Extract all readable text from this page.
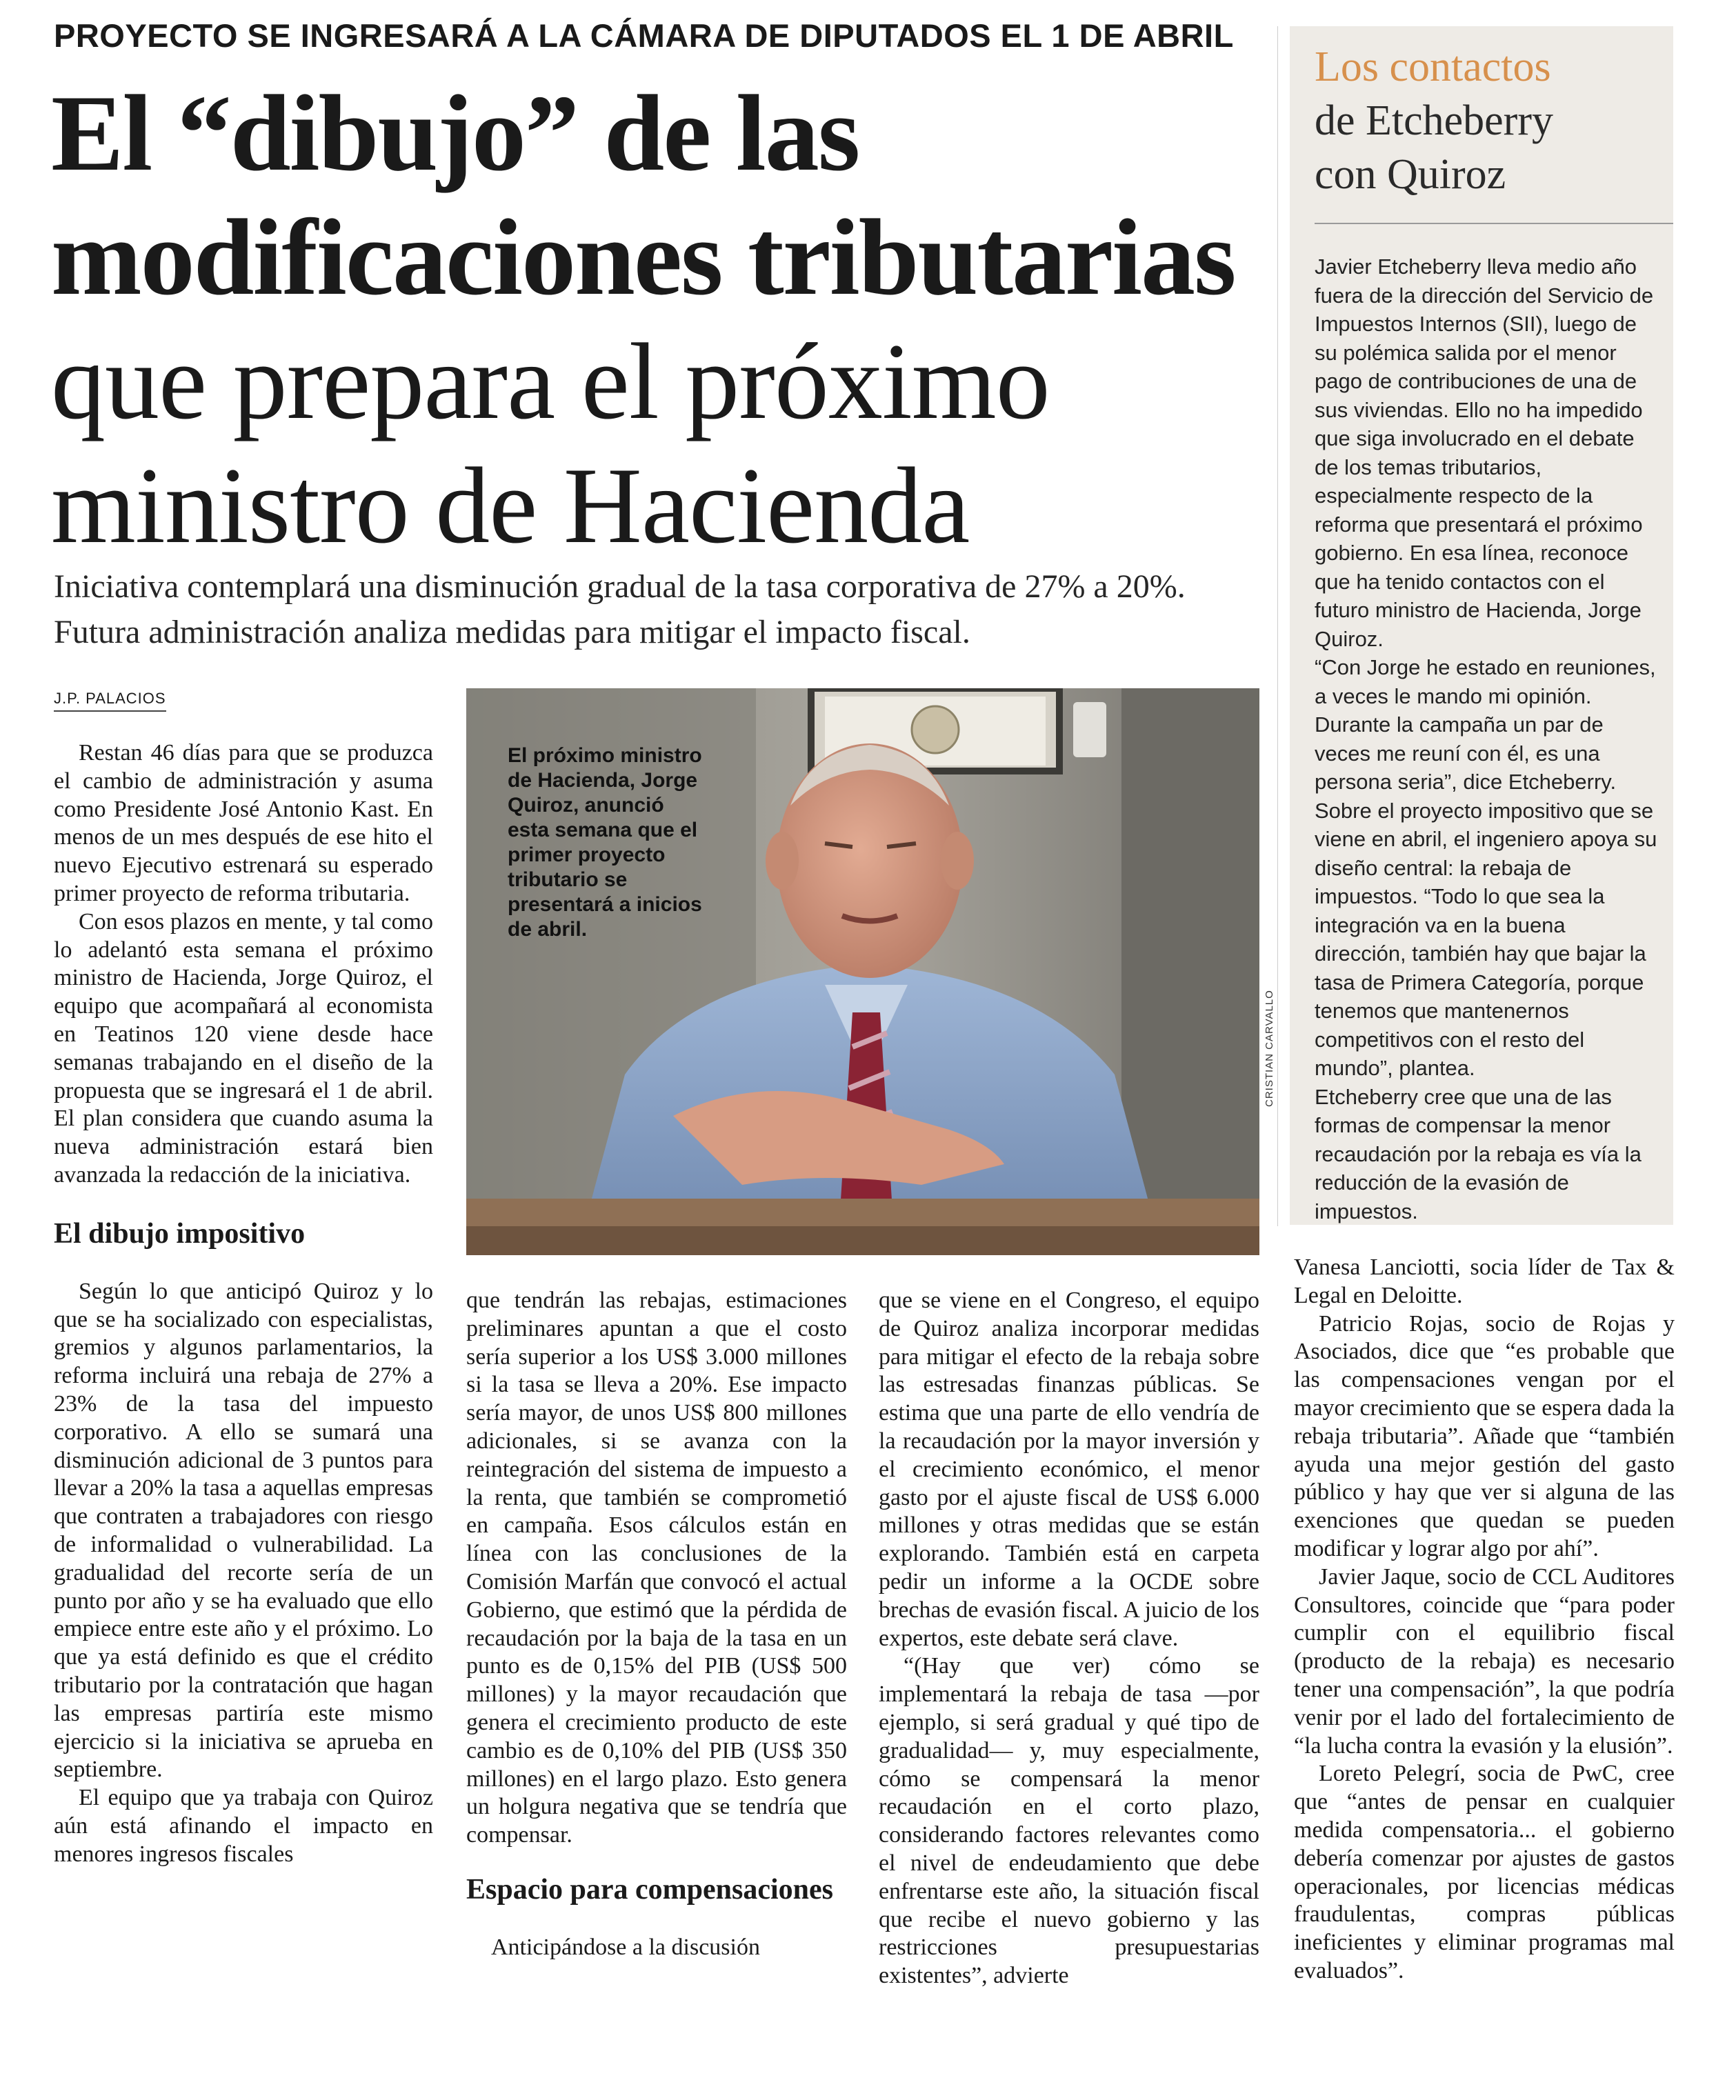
PROYECTO SE INGRESARÁ A LA CÁMARA DE DIPUTADOS EL 1 DE ABRIL
El “dibujo” de las
modificaciones tributarias
que prepara el próximo
ministro de Hacienda

Iniciativa contemplará una disminución gradual de la tasa corporativa de 27% a 20%. Futura administración analiza medidas para mitigar el impacto fiscal.

J.P. PALACIOS

Restan 46 días para que se produzca el cambio de administración y asuma como Presidente José Antonio Kast. En menos de un mes después de ese hito el nuevo Ejecutivo estrenará su esperado primer proyecto de reforma tributaria.

Con esos plazos en mente, y tal como lo adelantó esta semana el próximo ministro de Hacienda, Jorge Quiroz, el equipo que acompañará al economista en Teatinos 120 viene desde hace semanas trabajando en el diseño de la propuesta que se ingresará el 1 de abril. El plan considera que cuando asuma la nueva administración estará bien avanzada la redacción de la iniciativa.

El dibujo impositivo

Según lo que anticipó Quiroz y lo que se ha socializado con especialistas, gremios y algunos parlamentarios, la reforma incluirá una rebaja de 27% a 23% de la tasa del impuesto corporativo. A ello se sumará una disminución adicional de 3 puntos para llevar a 20% la tasa a aquellas empresas que contraten a trabajadores con riesgo de informalidad o vulnerabilidad. La gradualidad del recorte sería de un punto por año y se ha evaluado que ello empiece entre este año y el próximo. Lo que ya está definido es que el crédito tributario por la contratación que hagan las empresas partiría este mismo ejercicio si la iniciativa se aprueba en septiembre.

El equipo que ya trabaja con Quiroz aún está afinando el impacto en menores ingresos fiscales

El próximo ministro de Hacienda, Jorge Quiroz, anunció esta semana que el primer proyecto tributario se presentará a inicios de abril.
CRISTIAN CARVALLO
Los contactos
de Etcheberry
con Quiroz

Javier Etcheberry lleva medio año fuera de la dirección del Servicio de Impuestos Internos (SII), luego de su polémica salida por el menor pago de contribuciones de una de sus viviendas. Ello no ha impedido que siga involucrado en el debate de los temas tributarios, especialmente respecto de la reforma que presentará el próximo gobierno. En esa línea, reconoce que ha tenido contactos con el futuro ministro de Hacienda, Jorge Quiroz.

“Con Jorge he estado en reuniones, a veces le mando mi opinión. Durante la campaña un par de veces me reuní con él, es una persona seria”, dice Etcheberry.

Sobre el proyecto impositivo que se viene en abril, el ingeniero apoya su diseño central: la rebaja de impuestos. “Todo lo que sea la integración va en la buena dirección, también hay que bajar la tasa de Primera Categoría, porque tenemos que mantenernos competitivos con el resto del mundo”, plantea.

Etcheberry cree que una de las formas de compensar la menor recaudación por la rebaja es vía la reducción de la evasión de impuestos.

que tendrán las rebajas, estimaciones preliminares apuntan a que el costo sería superior a los US$ 3.000 millones si la tasa se lleva a 20%. Ese impacto sería mayor, de unos US$ 800 millones adicionales, si se avanza con la reintegración del sistema de impuesto a la renta, que también se comprometió en campaña. Esos cálculos están en línea con las conclusiones de la Comisión Marfán que convocó el actual Gobierno, que estimó que la pérdida de recaudación por la baja de la tasa en un punto es de 0,15% del PIB (US$ 500 millones) y la mayor recaudación que genera el crecimiento producto de este cambio es de 0,10% del PIB (US$ 350 millones) en el largo plazo. Esto genera un holgura negativa que se tendría que compensar.

Espacio para compensaciones

Anticipándose a la discusión

que se viene en el Congreso, el equipo de Quiroz analiza incorporar medidas para mitigar el efecto de la rebaja sobre las estresadas finanzas públicas. Se estima que una parte de ello vendría de la recaudación por la mayor inversión y el crecimiento económico, el menor gasto por el ajuste fiscal de US$ 6.000 millones y otras medidas que se están explorando. También está en carpeta pedir un informe a la OCDE sobre brechas de evasión fiscal. A juicio de los expertos, este debate será clave.

“(Hay que ver) cómo se implementará la rebaja de tasa —por ejemplo, si será gradual y qué tipo de gradualidad— y, muy especialmente, cómo se compensará la menor recaudación en el corto plazo, considerando factores relevantes como el nivel de endeudamiento que debe enfrentarse este año, la situación fiscal que recibe el nuevo gobierno y las restricciones presupuestarias existentes”, advierte

Vanesa Lanciotti, socia líder de Tax & Legal en Deloitte.

Patricio Rojas, socio de Rojas y Asociados, dice que “es probable que las compensaciones vengan por el mayor crecimiento que se espera dada la rebaja tributaria”. Añade que “también ayuda una mejor gestión del gasto público y hay que ver si alguna de las exenciones que quedan se pueden modificar y lograr algo por ahí”.

Javier Jaque, socio de CCL Auditores Consultores, coincide que “para poder cumplir con el equilibrio fiscal (producto de la rebaja) es necesario tener una compensación”, la que podría venir por el lado del fortalecimiento de “la lucha contra la evasión y la elusión”.

Loreto Pelegrí, socia de PwC, cree que “antes de pensar en cualquier medida compensatoria... el gobierno debería comenzar por ajustes de gastos operacionales, por licencias médicas fraudulentas, compras públicas ineficientes y eliminar programas mal evaluados”.
